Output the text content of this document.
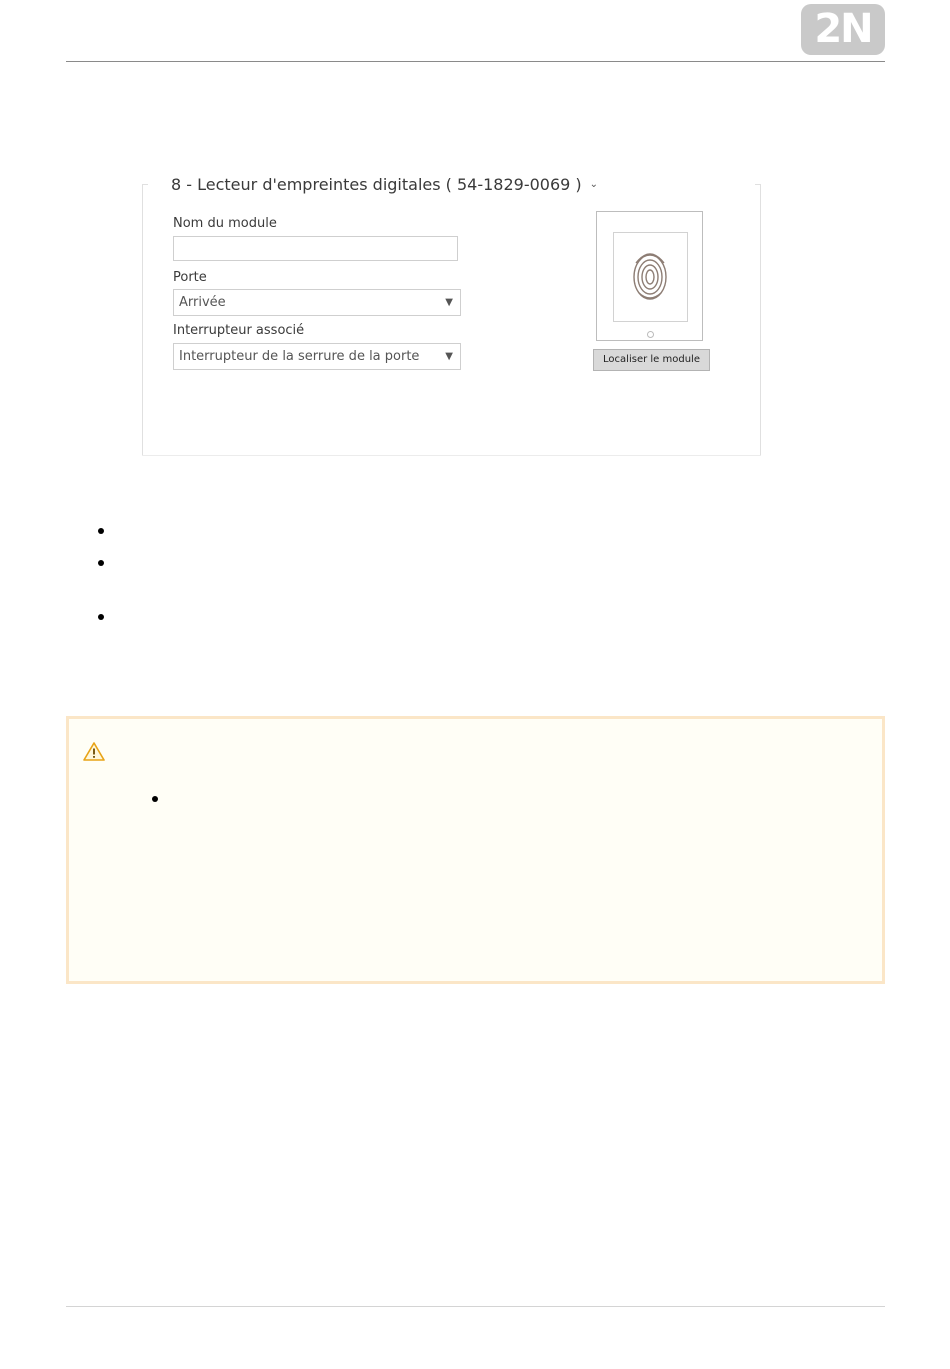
2N
8 - Lecteur d'empreintes digitales ( 54-1829-0069 ) ⌄
Nom du module
Porte
Arrivée	▼
Interrupteur associé
Interrupteur de la serrure de la porte	▼	Localiser le module
